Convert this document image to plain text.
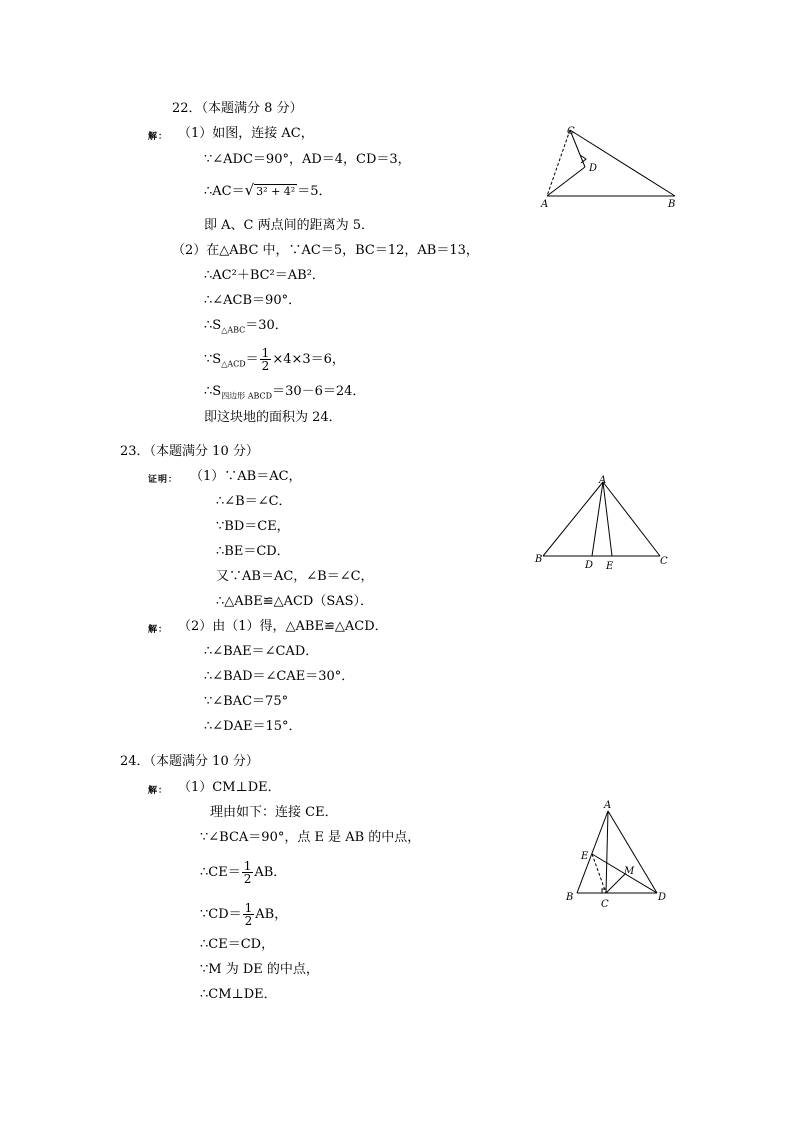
22．（本题满分 8 分）
解： （1）如图，连接 AC，
∵∠ADC＝90°，AD＝4，CD＝3，
∴AC＝√ 3² + 4² ＝5．
即 A、C 两点间的距离为 5．
（2）在△ABC 中，∵AC＝5，BC＝12，AB＝13，
∴AC²＋BC²＝AB²．
∴∠ACB＝90°．
$\therefore S_{\triangle ABC}=30$．
$\because S_{\triangle ACD}= \frac{1}{2} \times 4\times 3=6$，
$\therefore S_{四边形 ABCD}=30-6=24$．
即这块地的面积为 24．
C
D
A	B
23．（本题满分 10 分）
证明： （1）∵AB＝AC，
∴∠B＝∠C．
∵BD＝CE，
∴BE＝CD．
又∵AB＝AC，∠B＝∠C，
∴△ABE≌△ACD（SAS）．
解： （2）由（1）得，△ABE≌△ACD．
∴∠BAE＝∠CAD．
∴∠BAD＝∠CAE＝30°．
∵∠BAC＝75°
∴∠DAE＝15°．
A
B
D E	C
24．（本题满分 10 分）
解： （1）CM⊥DE．
理由如下：连接 CE．
∵∠BCA＝90°，点 E 是 AB 的中点，
∴CE＝ $\frac{1}{2}$ AB．
∵CD＝ $\frac{1}{2}$ AB，
∴CE＝CD，
∵M 为 DE 的中点，
∴CM⊥DE．
A
E
M
B
C
D
